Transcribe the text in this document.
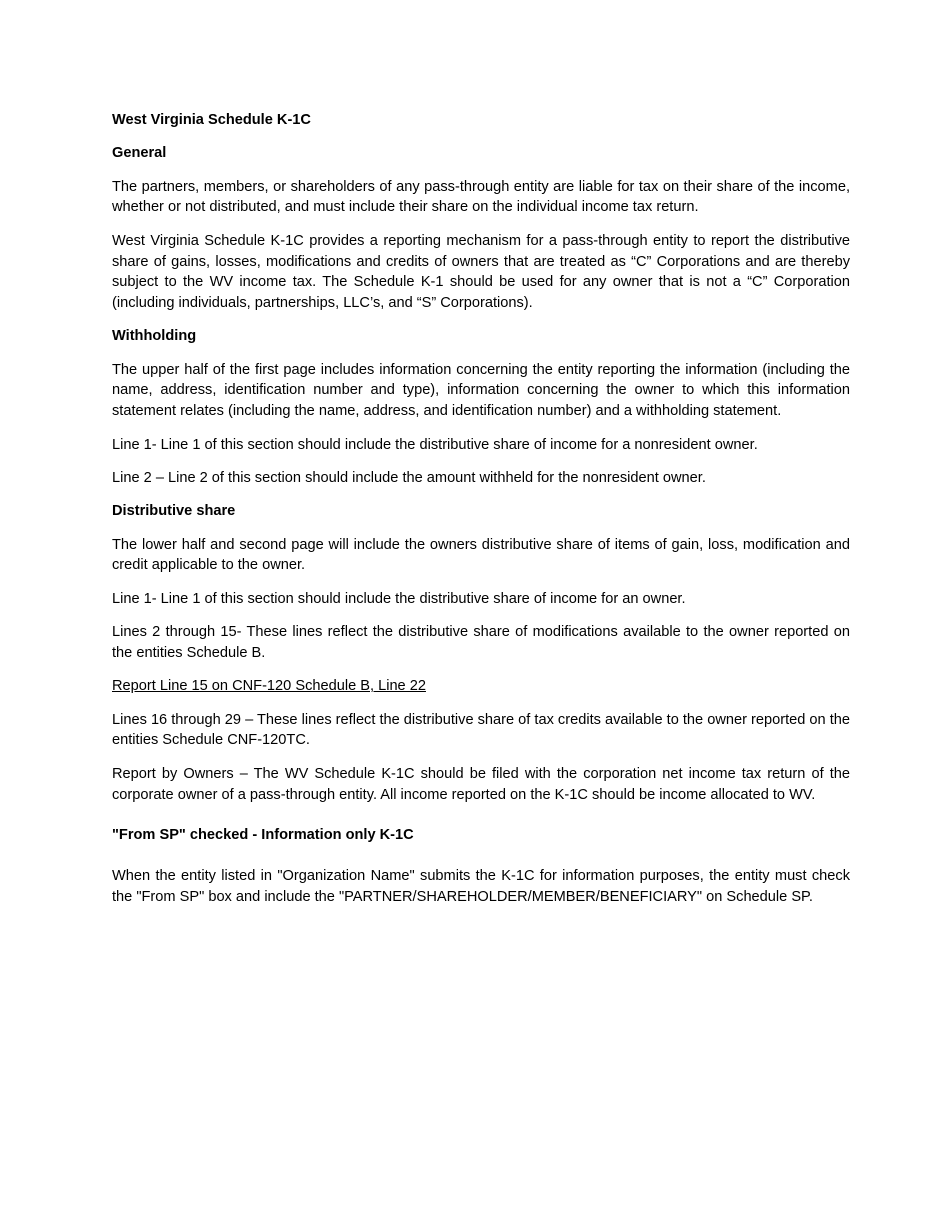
West Virginia Schedule K-1C
General
The partners, members, or shareholders of any pass-through entity are liable for tax on their share of the income, whether or not distributed, and must include their share on the individual income tax return.
West Virginia Schedule K-1C provides a reporting mechanism for a pass-through entity to report the distributive share of gains, losses, modifications and credits of owners that are treated as “C” Corporations and are thereby subject to the WV income tax. The Schedule K-1 should be used for any owner that is not a “C” Corporation (including individuals, partnerships, LLC’s, and “S” Corporations).
Withholding
The upper half of the first page includes information concerning the entity reporting the information (including the name, address, identification number and type), information concerning the owner to which this information statement relates (including the name, address, and identification number) and a withholding statement.
Line 1- Line 1 of this section should include the distributive share of income for a nonresident owner.
Line 2 – Line 2 of this section should include the amount withheld for the nonresident owner.
Distributive share
The lower half and second page will include the owners distributive share of items of gain, loss, modification and credit applicable to the owner.
Line 1- Line 1 of this section should include the distributive share of income for an owner.
Lines 2 through 15- These lines reflect the distributive share of modifications available to the owner reported on the entities Schedule B.
Report Line 15 on CNF-120 Schedule B, Line 22
Lines 16 through 29 – These lines reflect the distributive share of tax credits available to the owner reported on the entities Schedule CNF-120TC.
Report by Owners – The WV Schedule K-1C should be filed with the corporation net income tax return of the corporate owner of a pass-through entity. All income reported on the K-1C should be income allocated to WV.
"From SP" checked - Information only K-1C
When the entity listed in "Organization Name" submits the K-1C for information purposes, the entity must check the "From SP" box and include the "PARTNER/SHAREHOLDER/MEMBER/BENEFICIARY" on Schedule SP.
